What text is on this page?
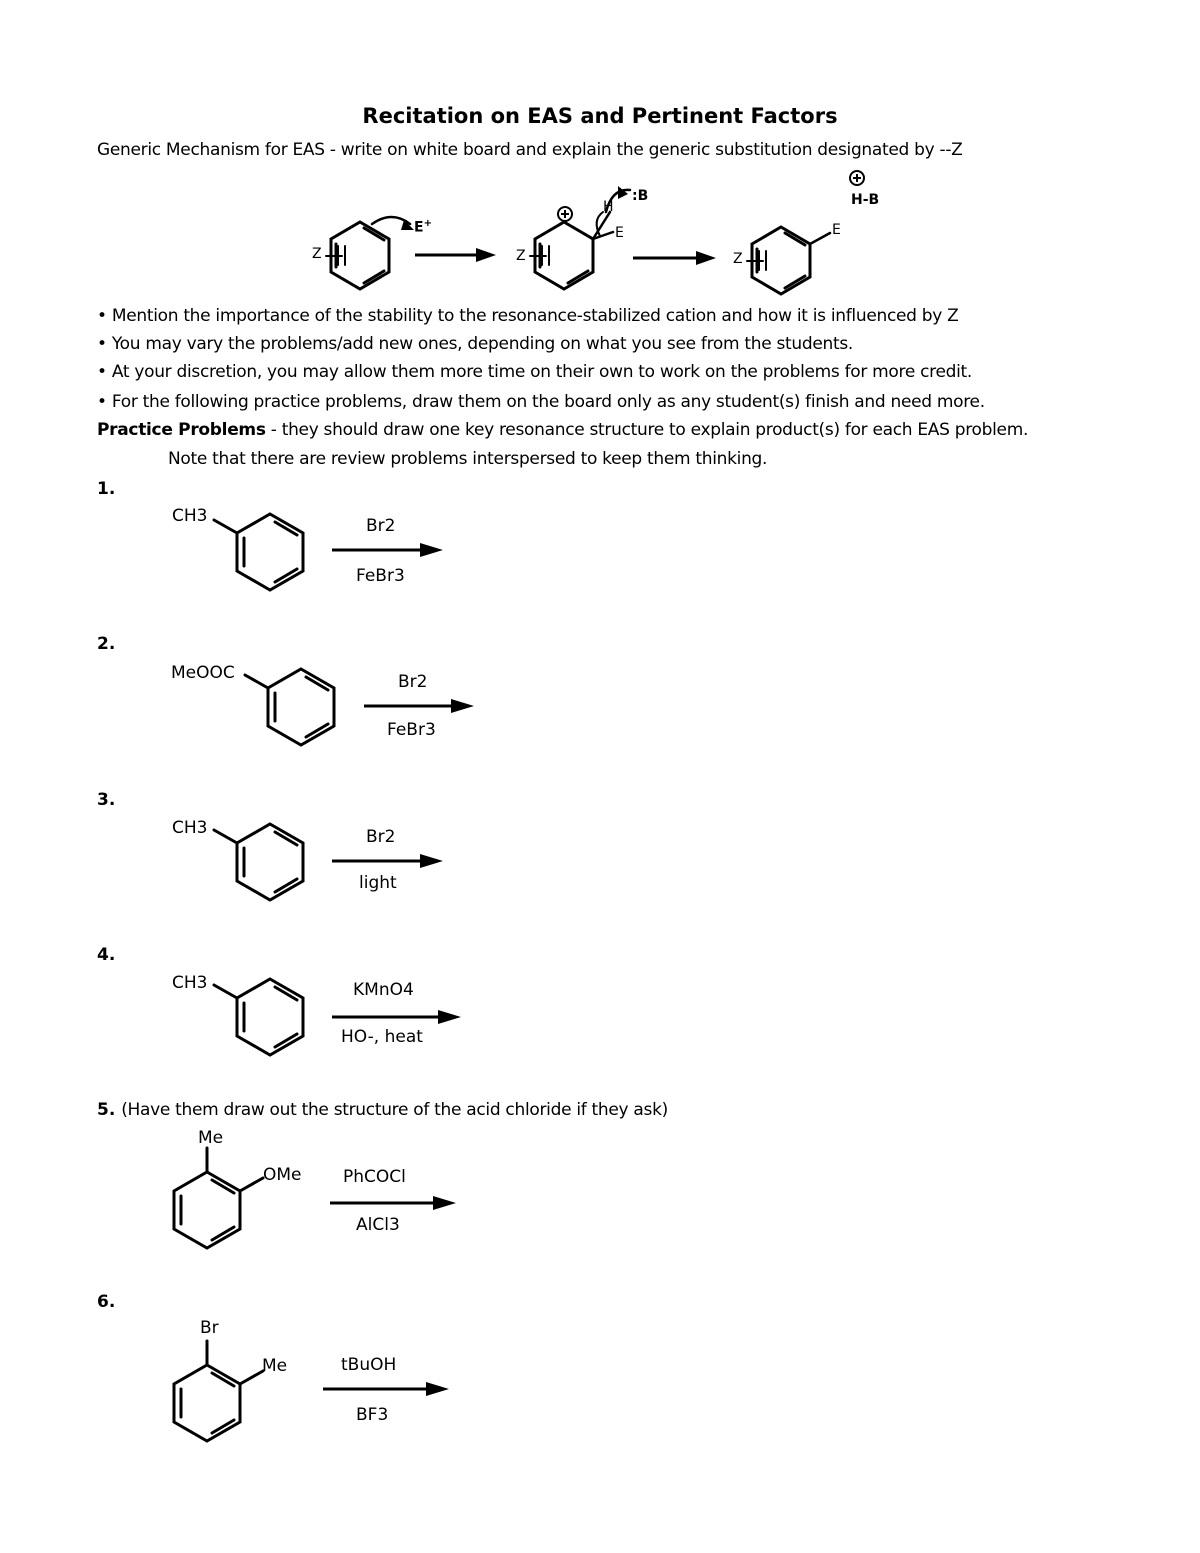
Recitation on EAS and Pertinent Factors
Generic Mechanism for EAS - write on white board and explain the generic substitution designated by --Z
Z
E+
Z
H
:B
E
Z
E
H-B
• Mention the importance of the stability to the resonance-stabilized cation and how it is influenced by Z
• You may vary the problems/add new ones, depending on what you see from the students.
• At your discretion, you may allow them more time on their own to work on the problems for more credit.
• For the following practice problems, draw them on the board only as any student(s) finish and need more.
Practice Problems - they should draw one key resonance structure to explain product(s) for each EAS problem.
Note that there are review problems interspersed to keep them thinking.
1.
2.
3.
4.
5. (Have them draw out the structure of the acid chloride if they ask)
6.
CH3	Br2
FeBr3
MeOOC	Br2
FeBr3
CH3	Br2
light
CH3	KMnO4
HO-, heat
Me
OMe PhCOCl
AlCl3
Br
Me	tBuOH
BF3
